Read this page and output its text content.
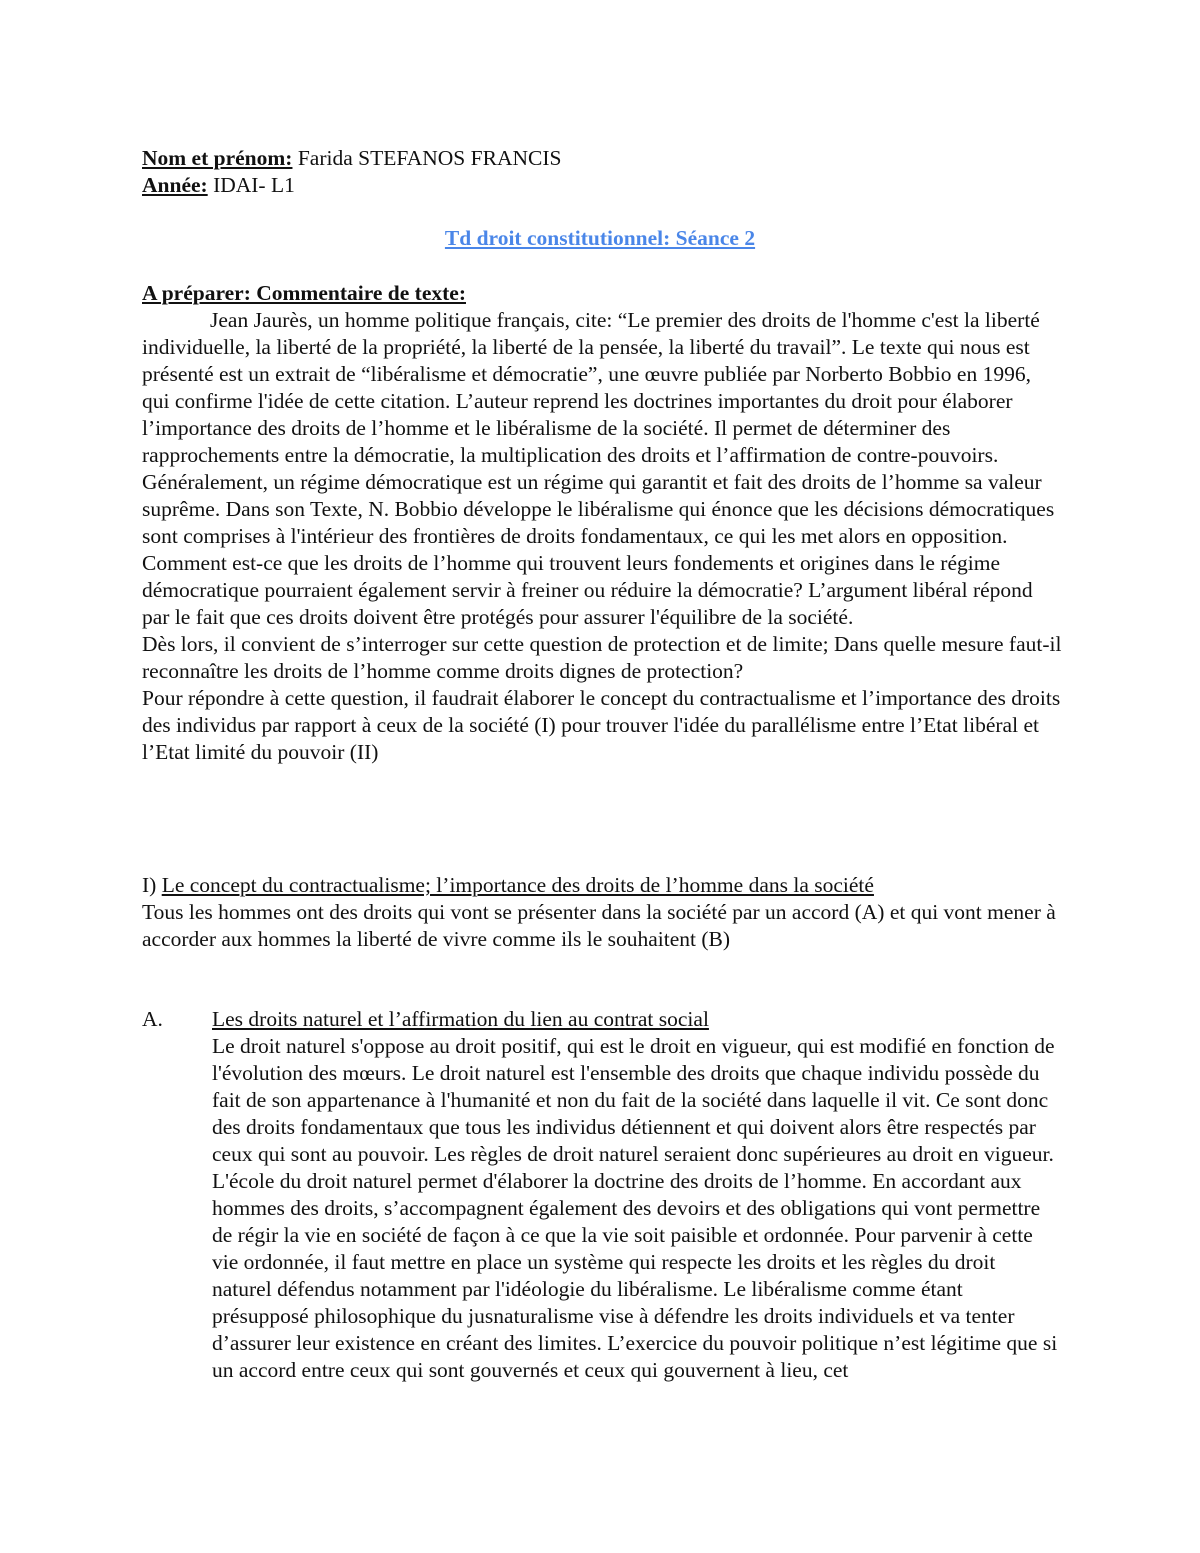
Nom et prénom: Farida STEFANOS FRANCIS

Année: IDAI- L1

Td droit constitutionnel: Séance 2

A préparer: Commentaire de texte:

Jean Jaurès, un homme politique français, cite: “Le premier des droits de l'homme c'est la liberté individuelle, la liberté de la propriété, la liberté de la pensée, la liberté du travail”. Le texte qui nous est présenté est un extrait de “libéralisme et démocratie”, une œuvre publiée par Norberto Bobbio en 1996, qui confirme l'idée de cette citation. L’auteur reprend les doctrines importantes du droit pour élaborer l’importance des droits de l’homme et le libéralisme de la société. Il permet de déterminer des rapprochements entre la démocratie, la multiplication des droits et l’affirmation de contre-pouvoirs.

Généralement, un régime démocratique est un régime qui garantit et fait des droits de l’homme sa valeur suprême. Dans son Texte, N. Bobbio développe le libéralisme qui énonce que les décisions démocratiques sont comprises à l'intérieur des frontières de droits fondamentaux, ce qui les met alors en opposition. Comment est-ce que les droits de l’homme qui trouvent leurs fondements et origines dans le régime démocratique pourraient également servir à freiner ou réduire la démocratie? L’argument libéral répond par le fait que ces droits doivent être protégés pour assurer l'équilibre de la société.

Dès lors, il convient de s’interroger sur cette question de protection et de limite; Dans quelle mesure faut-il reconnaître les droits de l’homme comme droits dignes de protection?

Pour répondre à cette question, il faudrait élaborer le concept du contractualisme et l’importance des droits des individus par rapport à ceux de la société (I) pour trouver l'idée du parallélisme entre l’Etat libéral et l’Etat limité du pouvoir (II)

I) Le concept du contractualisme; l’importance des droits de l’homme dans la société

Tous les hommes ont des droits qui vont se présenter dans la société par un accord (A) et qui vont mener à accorder aux hommes la liberté de vivre comme ils le souhaitent (B)

A. Les droits naturel et l’affirmation du lien au contrat social

Le droit naturel s'oppose au droit positif, qui est le droit en vigueur, qui est modifié en fonction de l'évolution des mœurs. Le droit naturel est l'ensemble des droits que chaque individu possède du fait de son appartenance à l'humanité et non du fait de la société dans laquelle il vit. Ce sont donc des droits fondamentaux que tous les individus détiennent et qui doivent alors être respectés par ceux qui sont au pouvoir. Les règles de droit naturel seraient donc supérieures au droit en vigueur. L'école du droit naturel permet d'élaborer la doctrine des droits de l’homme. En accordant aux hommes des droits, s’accompagnent également des devoirs et des obligations qui vont permettre de régir la vie en société de façon à ce que la vie soit paisible et ordonnée. Pour parvenir à cette vie ordonnée, il faut mettre en place un système qui respecte les droits et les règles du droit naturel défendus notamment par l'idéologie du libéralisme. Le libéralisme comme étant présupposé philosophique du jusnaturalisme vise à défendre les droits individuels et va tenter d’assurer leur existence en créant des limites. L’exercice du pouvoir politique n’est légitime que si un accord entre ceux qui sont gouvernés et ceux qui gouvernent à lieu, cet
